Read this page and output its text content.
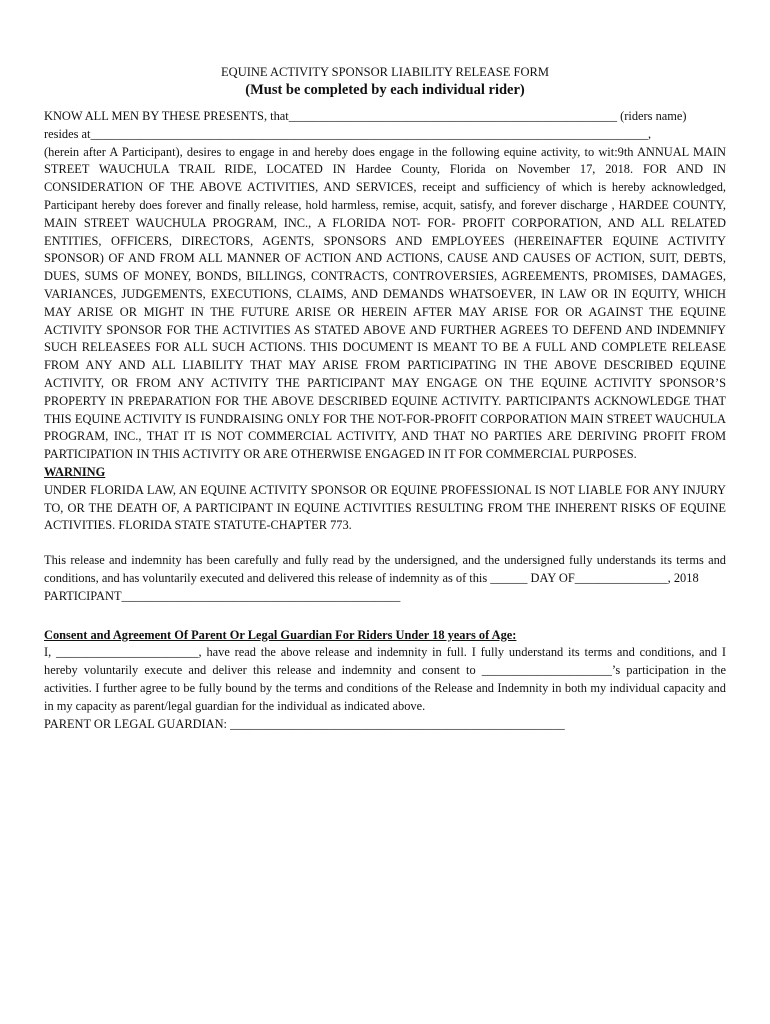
EQUINE ACTIVITY SPONSOR LIABILITY RELEASE FORM
(Must be completed by each individual rider)

KNOW ALL MEN BY THESE PRESENTS, that_____________________________________________________ (riders name)
resides at__________________________________________________________________________________________,

(herein after A Participant), desires to engage in and hereby does engage in the following equine activity, to wit:9th ANNUAL MAIN STREET WAUCHULA TRAIL RIDE, LOCATED IN Hardee County, Florida on November 17, 2018. FOR AND IN CONSIDERATION OF THE ABOVE ACTIVITIES, AND SERVICES, receipt and sufficiency of which is hereby acknowledged, Participant hereby does forever and finally release, hold harmless, remise, acquit, satisfy, and forever discharge , HARDEE COUNTY, MAIN STREET WAUCHULA PROGRAM, INC., A FLORIDA NOT- FOR- PROFIT CORPORATION, AND ALL RELATED ENTITIES, OFFICERS, DIRECTORS, AGENTS, SPONSORS AND EMPLOYEES (HEREINAFTER EQUINE ACTIVITY SPONSOR) OF AND FROM ALL MANNER OF ACTION AND ACTIONS, CAUSE AND CAUSES OF ACTION, SUIT, DEBTS, DUES, SUMS OF MONEY, BONDS, BILLINGS, CONTRACTS, CONTROVERSIES, AGREEMENTS, PROMISES, DAMAGES, VARIANCES, JUDGEMENTS, EXECUTIONS, CLAIMS, AND DEMANDS WHATSOEVER, IN LAW OR IN EQUITY, WHICH MAY ARISE OR MIGHT IN THE FUTURE ARISE OR HEREIN AFTER MAY ARISE FOR OR AGAINST THE EQUINE ACTIVITY SPONSOR FOR THE ACTIVITIES AS STATED ABOVE AND FURTHER AGREES TO DEFEND AND INDEMNIFY SUCH RELEASEES FOR ALL SUCH ACTIONS. THIS DOCUMENT IS MEANT TO BE A FULL AND COMPLETE RELEASE FROM ANY AND ALL LIABILITY THAT MAY ARISE FROM PARTICIPATING IN THE ABOVE DESCRIBED EQUINE ACTIVITY, OR FROM ANY ACTIVITY THE PARTICIPANT MAY ENGAGE ON THE EQUINE ACTIVITY SPONSOR’S PROPERTY IN PREPARATION FOR THE ABOVE DESCRIBED EQUINE ACTIVITY. PARTICIPANTS ACKNOWLEDGE THAT THIS EQUINE ACTIVITY IS FUNDRAISING ONLY FOR THE NOT-FOR-PROFIT CORPORATION MAIN STREET WAUCHULA PROGRAM, INC., THAT IT IS NOT COMMERCIAL ACTIVITY, AND THAT NO PARTIES ARE DERIVING PROFIT FROM PARTICIPATION IN THIS ACTIVITY OR ARE OTHERWISE ENGAGED IN IT FOR COMMERCIAL PURPOSES.

WARNING

UNDER FLORIDA LAW, AN EQUINE ACTIVITY SPONSOR OR EQUINE PROFESSIONAL IS NOT LIABLE FOR ANY INJURY TO, OR THE DEATH OF, A PARTICIPANT IN EQUINE ACTIVITIES RESULTING FROM THE INHERENT RISKS OF EQUINE ACTIVITIES. FLORIDA STATE STATUTE-CHAPTER 773.

This release and indemnity has been carefully and fully read by the undersigned, and the undersigned fully understands its terms and conditions, and has voluntarily executed and delivered this release of indemnity as of this ______ DAY OF_______________, 2018

PARTICIPANT_____________________________________________

Consent and Agreement Of Parent Or Legal Guardian For Riders Under 18 years of Age:

I, _______________________, have read the above release and indemnity in full. I fully understand its terms and conditions, and I hereby voluntarily execute and deliver this release and indemnity and consent to _____________________’s participation in the activities. I further agree to be fully bound by the terms and conditions of the Release and Indemnity in both my individual capacity and in my capacity as parent/legal guardian for the individual as indicated above.

PARENT OR LEGAL GUARDIAN: ______________________________________________________
